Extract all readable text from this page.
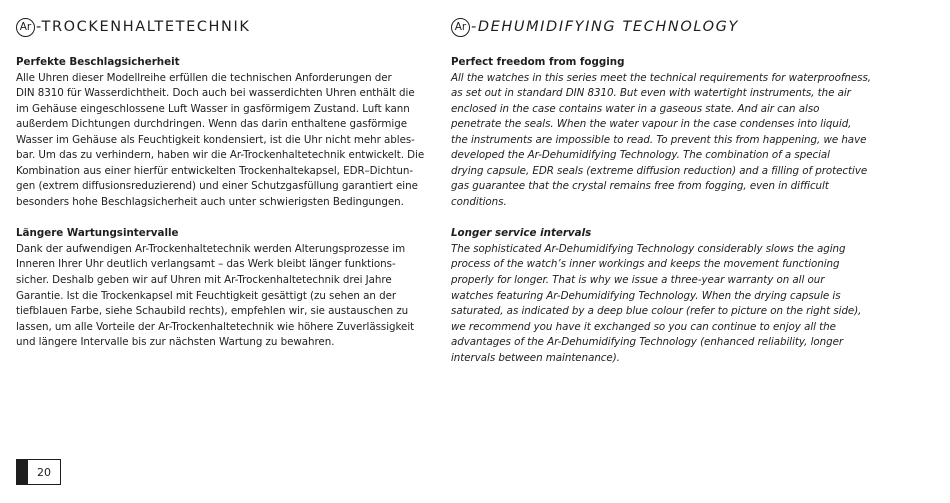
Ar -TROCKENHALTETECHNIK

Perfekte Beschlagsicherheit

Alle Uhren dieser Modellreihe erfüllen die technischen Anforderungen der
DIN 8310 für Wasserdichtheit. Doch auch bei wasserdichten Uhren enthält die
im Gehäuse eingeschlossene Luft Wasser in gasförmigem Zustand. Luft kann
außerdem Dichtungen durchdringen. Wenn das darin enthaltene gasförmige
Wasser im Gehäuse als Feuchtigkeit kondensiert, ist die Uhr nicht mehr ables-
bar. Um das zu verhindern, haben wir die Ar-Trockenhaltetechnik entwickelt. Die
Kombination aus einer hierfür entwickelten Trockenhaltekapsel, EDR–Dichtun-
gen (extrem diffusionsreduzierend) und einer Schutzgasfüllung garantiert eine
besonders hohe Beschlagsicherheit auch unter schwierigsten Bedingungen.

Längere Wartungsintervalle

Dank der aufwendigen Ar-Trockenhaltetechnik werden Alterungsprozesse im
Inneren Ihrer Uhr deutlich verlangsamt – das Werk bleibt länger funktions-
sicher. Deshalb geben wir auf Uhren mit Ar-Trockenhaltetechnik drei Jahre
Garantie. Ist die Trockenkapsel mit Feuchtigkeit gesättigt (zu sehen an der
tiefblauen Farbe, siehe Schaubild rechts), empfehlen wir, sie austauschen zu
lassen, um alle Vorteile der Ar-Trockenhaltetechnik wie höhere Zuverlässigkeit
und längere Intervalle bis zur nächsten Wartung zu bewahren.

Ar -DEHUMIDIFYING TECHNOLOGY

Perfect freedom from fogging

All the watches in this series meet the technical requirements for waterproofness,
as set out in standard DIN 8310. But even with watertight instruments, the air
enclosed in the case contains water in a gaseous state. And air can also
penetrate the seals. When the water vapour in the case condenses into liquid,
the instruments are impossible to read. To prevent this from happening, we have
developed the Ar-Dehumidifying Technology. The combination of a special
drying capsule, EDR seals (extreme diffusion reduction) and a filling of protective
gas guarantee that the crystal remains free from fogging, even in difficult
conditions.

Longer service intervals

The sophisticated Ar-Dehumidifying Technology considerably slows the aging
process of the watch’s inner workings and keeps the movement functioning
properly for longer. That is why we issue a three-year warranty on all our
watches featuring Ar-Dehumidifying Technology. When the drying capsule is
saturated, as indicated by a deep blue colour (refer to picture on the right side),
we recommend you have it exchanged so you can continue to enjoy all the
advantages of the Ar-Dehumidifying Technology (enhanced reliability, longer
intervals between maintenance).

20
